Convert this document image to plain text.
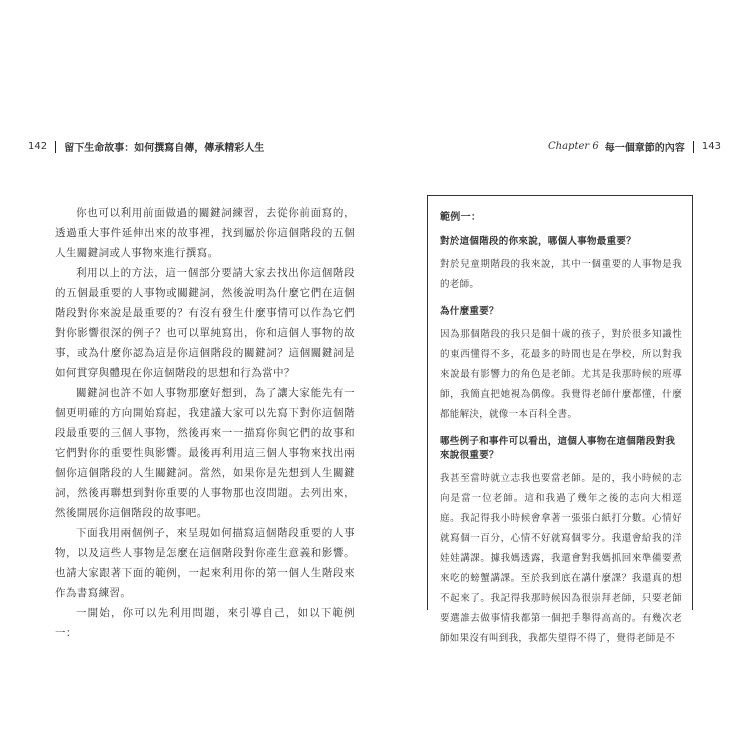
142 留下生命故事：如何撰寫自傳，傳承精彩人生

你也可以利用前面做過的關鍵詞練習，去從你前面寫的，透過重大事件延伸出來的故事裡，找到屬於你這個階段的五個人生關鍵詞或人事物來進行撰寫。

利用以上的方法，這一個部分要請大家去找出你這個階段的五個最重要的人事物或關鍵詞，然後說明為什麼它們在這個階段對你來說是最重要的？有沒有發生什麼事情可以作為它們對你影響很深的例子？也可以單純寫出，你和這個人事物的故事，或為什麼你認為這是你這個階段的關鍵詞？這個關鍵詞是如何貫穿與體現在你這個階段的思想和行為當中？

關鍵詞也許不如人事物那麼好想到，為了讓大家能先有一個更明確的方向開始寫起，我建議大家可以先寫下對你這個階段最重要的三個人事物，然後再來一一描寫你與它們的故事和它們對你的重要性與影響。最後再利用這三個人事物來找出兩個你這個階段的人生關鍵詞。當然，如果你是先想到人生關鍵詞，然後再聯想到對你重要的人事物那也沒問題。去列出來，然後開展你這個階段的故事吧。

下面我用兩個例子，來呈現如何描寫這個階段重要的人事物，以及這些人事物是怎麼在這個階段對你產生意義和影響。也請大家跟著下面的範例，一起來利用你的第一個人生階段來作為書寫練習。

一開始，你可以先利用問題，來引導自己，如以下範例一：

Chapter 6 每一個章節的內容 143
範例一：
對於這個階段的你來說，哪個人事物最重要？
對於兒童期階段的我來說，其中一個重要的人事物是我的老師。
為什麼重要？
因為那個階段的我只是個十歲的孩子，對於很多知識性的東西懂得不多，花最多的時間也是在學校，所以對我來說最有影響力的角色是老師。尤其是我那時候的班導師，我簡直把她視為偶像。我覺得老師什麼都懂，什麼都能解決，就像一本百科全書。
哪些例子和事件可以看出，這個人事物在這個階段對我來說很重要？
我甚至當時就立志我也要當老師。是的，我小時候的志向是當一位老師。這和我過了幾年之後的志向大相逕庭。我記得我小時候會拿著一張張白紙打分數。心情好就寫個一百分，心情不好就寫個零分。我還會給我的洋娃娃講課。據我媽透露，我還會對我媽抓回來準備要煮來吃的螃蟹講課。至於我到底在講什麼課？我還真的想不起來了。我記得我那時候因為很崇拜老師，只要老師要選誰去做事情我都第一個把手舉得高高的。有幾次老師如果沒有叫到我，我都失望得不得了，覺得老師是不
